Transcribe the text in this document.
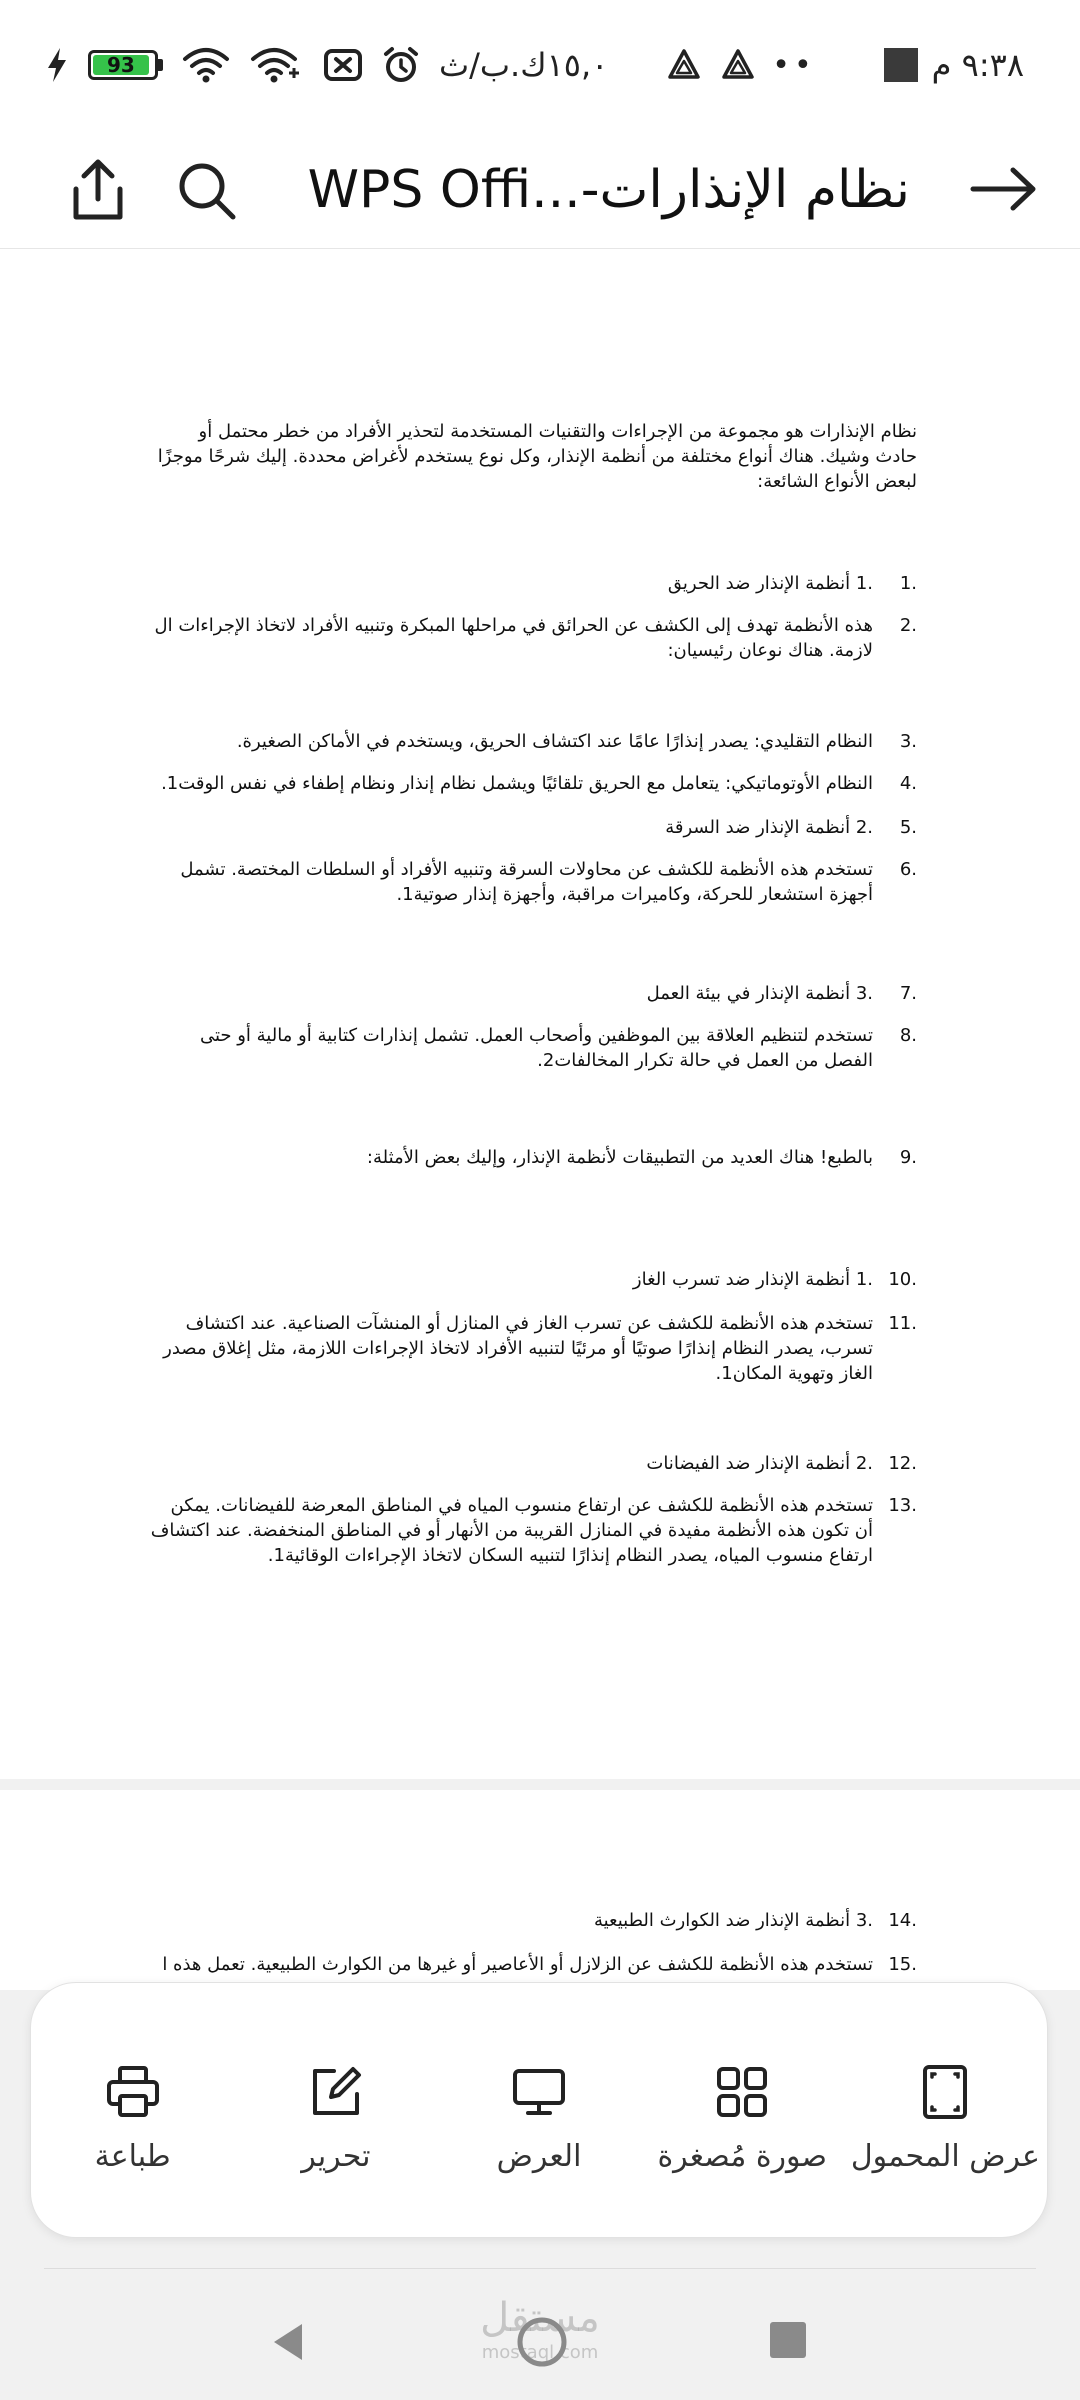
••	٩:٣٨ م
93	١٥,٠ك.ب/ث
نظام الإنذارات-...WPS Offi
نظام الإنذارات هو مجموعة من الإجراءات والتقنيات المستخدمة لتحذير الأفراد من خطر محتمل أو حادث وشيك. هناك أنواع مختلفة من أنظمة الإنذار، وكل نوع يستخدم لأغراض محددة. إليك شرحًا موجزًا لبعض الأنواع الشائعة:
1.
.1 أنظمة الإنذار ضد الحريق
2.
هذه الأنظمة تهدف إلى الكشف عن الحرائق في مراحلها المبكرة وتنبيه الأفراد لاتخاذ الإجراءات ال لازمة. هناك نوعان رئيسيان:
3.
النظام التقليدي: يصدر إنذارًا عامًا عند اكتشاف الحريق، ويستخدم في الأماكن الصغيرة.
4.
النظام الأوتوماتيكي: يتعامل مع الحريق تلقائيًا ويشمل نظام إنذار ونظام إطفاء في نفس الوقت1.
5.
.2 أنظمة الإنذار ضد السرقة
6.
تستخدم هذه الأنظمة للكشف عن محاولات السرقة وتنبيه الأفراد أو السلطات المختصة. تشمل أجهزة استشعار للحركة، وكاميرات مراقبة، وأجهزة إنذار صوتية1.
7.
.3 أنظمة الإنذار في بيئة العمل
8.
تستخدم لتنظيم العلاقة بين الموظفين وأصحاب العمل. تشمل إنذارات كتابية أو مالية أو حتى الفصل من العمل في حالة تكرار المخالفات2.
9.
بالطبع! هناك العديد من التطبيقات لأنظمة الإنذار، وإليك بعض الأمثلة:
10.
.1 أنظمة الإنذار ضد تسرب الغاز
11.
تستخدم هذه الأنظمة للكشف عن تسرب الغاز في المنازل أو المنشآت الصناعية. عند اكتشاف تسرب، يصدر النظام إنذارًا صوتيًا أو مرئيًا لتنبيه الأفراد لاتخاذ الإجراءات اللازمة، مثل إغلاق مصدر الغاز وتهوية المكان1.
12.
.2 أنظمة الإنذار ضد الفيضانات
13.
تستخدم هذه الأنظمة للكشف عن ارتفاع منسوب المياه في المناطق المعرضة للفيضانات. يمكن أن تكون هذه الأنظمة مفيدة في المنازل القريبة من الأنهار أو في المناطق المنخفضة. عند اكتشاف ارتفاع منسوب المياه، يصدر النظام إنذارًا لتنبيه السكان لاتخاذ الإجراءات الوقائية1.
14.
.3 أنظمة الإنذار ضد الكوارث الطبيعية
15.
تستخدم هذه الأنظمة للكشف عن الزلازل أو الأعاصير أو غيرها من الكوارث الطبيعية. تعمل هذه ا
عرض المحمول
صورة مُصغرة
العرض
تحرير
طباعة
مستقل
mostaql.com
